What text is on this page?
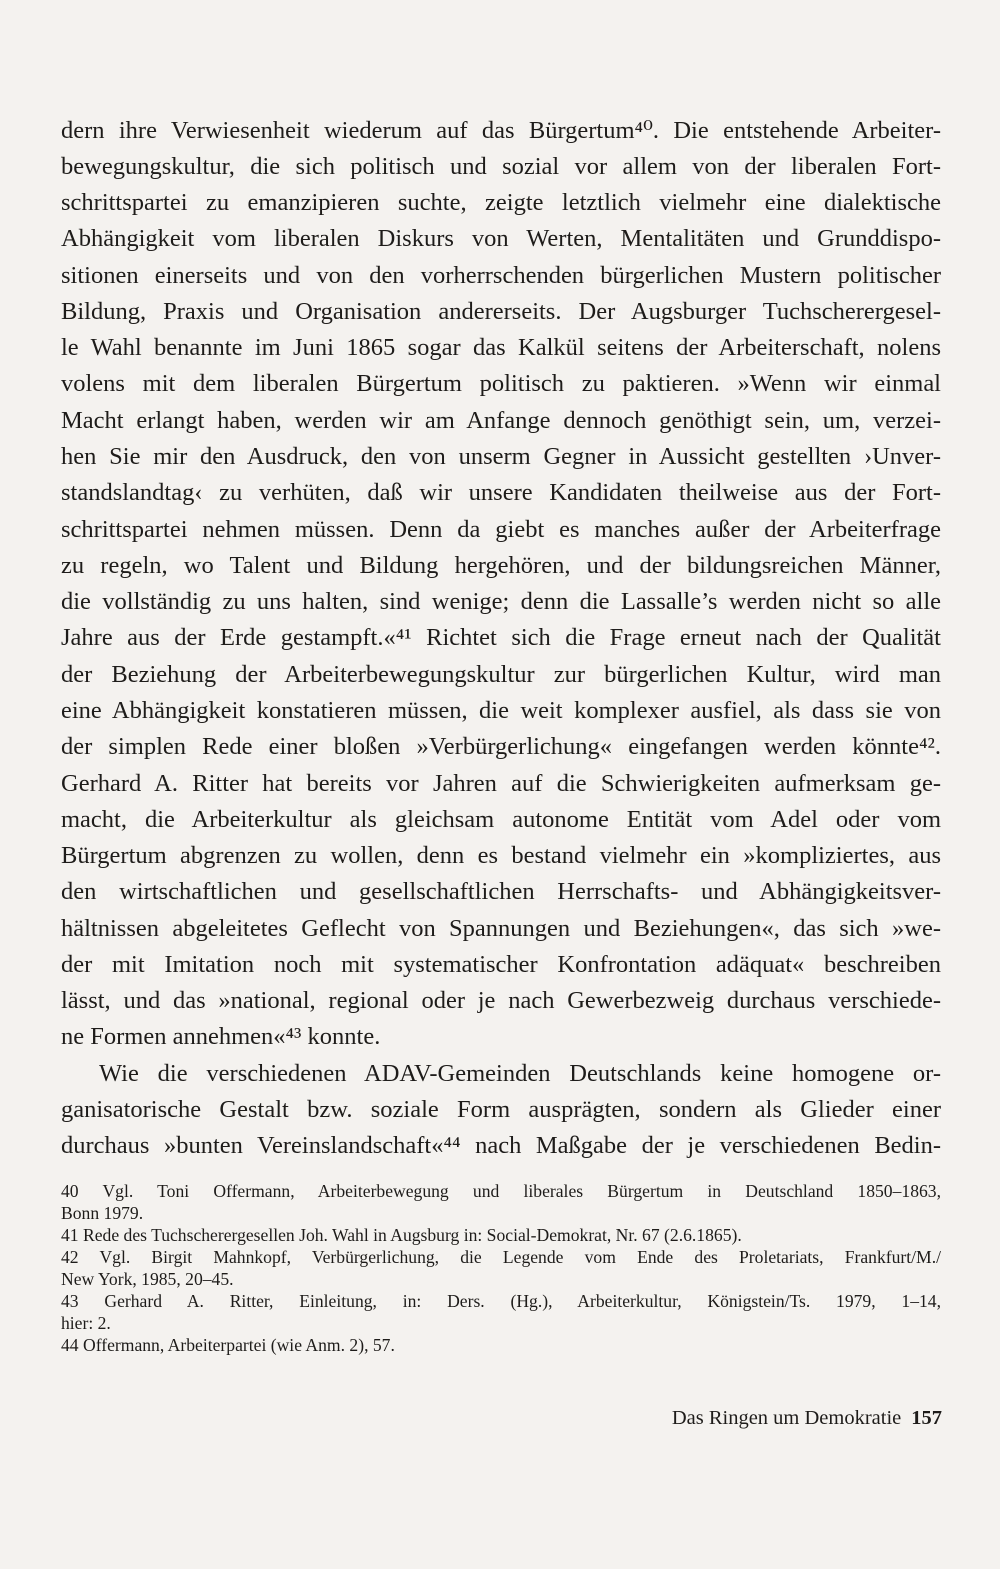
dern ihre Verwiesenheit wiederum auf das Bürgertum⁴⁰. Die entstehende Arbeiter-
bewegungskultur, die sich politisch und sozial vor allem von der liberalen Fort-
schrittspartei zu emanzipieren suchte, zeigte letztlich vielmehr eine dialektische
Abhängigkeit vom liberalen Diskurs von Werten, Mentalitäten und Grunddispo-
sitionen einerseits und von den vorherrschenden bürgerlichen Mustern politischer
Bildung, Praxis und Organisation andererseits. Der Augsburger Tuchscherergesel-
le Wahl benannte im Juni 1865 sogar das Kalkül seitens der Arbeiterschaft, nolens
volens mit dem liberalen Bürgertum politisch zu paktieren. »Wenn wir einmal
Macht erlangt haben, werden wir am Anfange dennoch genöthigt sein, um, verzei-
hen Sie mir den Ausdruck, den von unserm Gegner in Aussicht gestellten ›Unver-
standslandtag‹ zu verhüten, daß wir unsere Kandidaten theilweise aus der Fort-
schrittspartei nehmen müssen. Denn da giebt es manches außer der Arbeiterfrage
zu regeln, wo Talent und Bildung hergehören, und der bildungsreichen Männer,
die vollständig zu uns halten, sind wenige; denn die Lassalle’s werden nicht so alle
Jahre aus der Erde gestampft.«⁴¹ Richtet sich die Frage erneut nach der Qualität
der Beziehung der Arbeiterbewegungskultur zur bürgerlichen Kultur, wird man
eine Abhängigkeit konstatieren müssen, die weit komplexer ausfiel, als dass sie von
der simplen Rede einer bloßen »Verbürgerlichung« eingefangen werden könnte⁴².
Gerhard A. Ritter hat bereits vor Jahren auf die Schwierigkeiten aufmerksam ge-
macht, die Arbeiterkultur als gleichsam autonome Entität vom Adel oder vom
Bürgertum abgrenzen zu wollen, denn es bestand vielmehr ein »kompliziertes, aus
den wirtschaftlichen und gesellschaftlichen Herrschafts- und Abhängigkeitsver-
hältnissen abgeleitetes Geflecht von Spannungen und Beziehungen«, das sich »we-
der mit Imitation noch mit systematischer Konfrontation adäquat« beschreiben
lässt, und das »national, regional oder je nach Gewerbezweig durchaus verschiede-
ne Formen annehmen«⁴³ konnte.
Wie die verschiedenen ADAV-Gemeinden Deutschlands keine homogene or-
ganisatorische Gestalt bzw. soziale Form ausprägten, sondern als Glieder einer
durchaus »bunten Vereinslandschaft«⁴⁴ nach Maßgabe der je verschiedenen Bedin-
40 Vgl. Toni Offermann, Arbeiterbewegung und liberales Bürgertum in Deutschland 1850–1863,
Bonn 1979.
41 Rede des Tuchscherergesellen Joh. Wahl in Augsburg in: Social-Demokrat, Nr. 67 (2.6.1865).
42 Vgl. Birgit Mahnkopf, Verbürgerlichung, die Legende vom Ende des Proletariats, Frankfurt/M./
New York, 1985, 20–45.
43 Gerhard A. Ritter, Einleitung, in: Ders. (Hg.), Arbeiterkultur, Königstein/Ts. 1979, 1–14,
hier: 2.
44 Offermann, Arbeiterpartei (wie Anm. 2), 57.
Das Ringen um Demokratie 157
